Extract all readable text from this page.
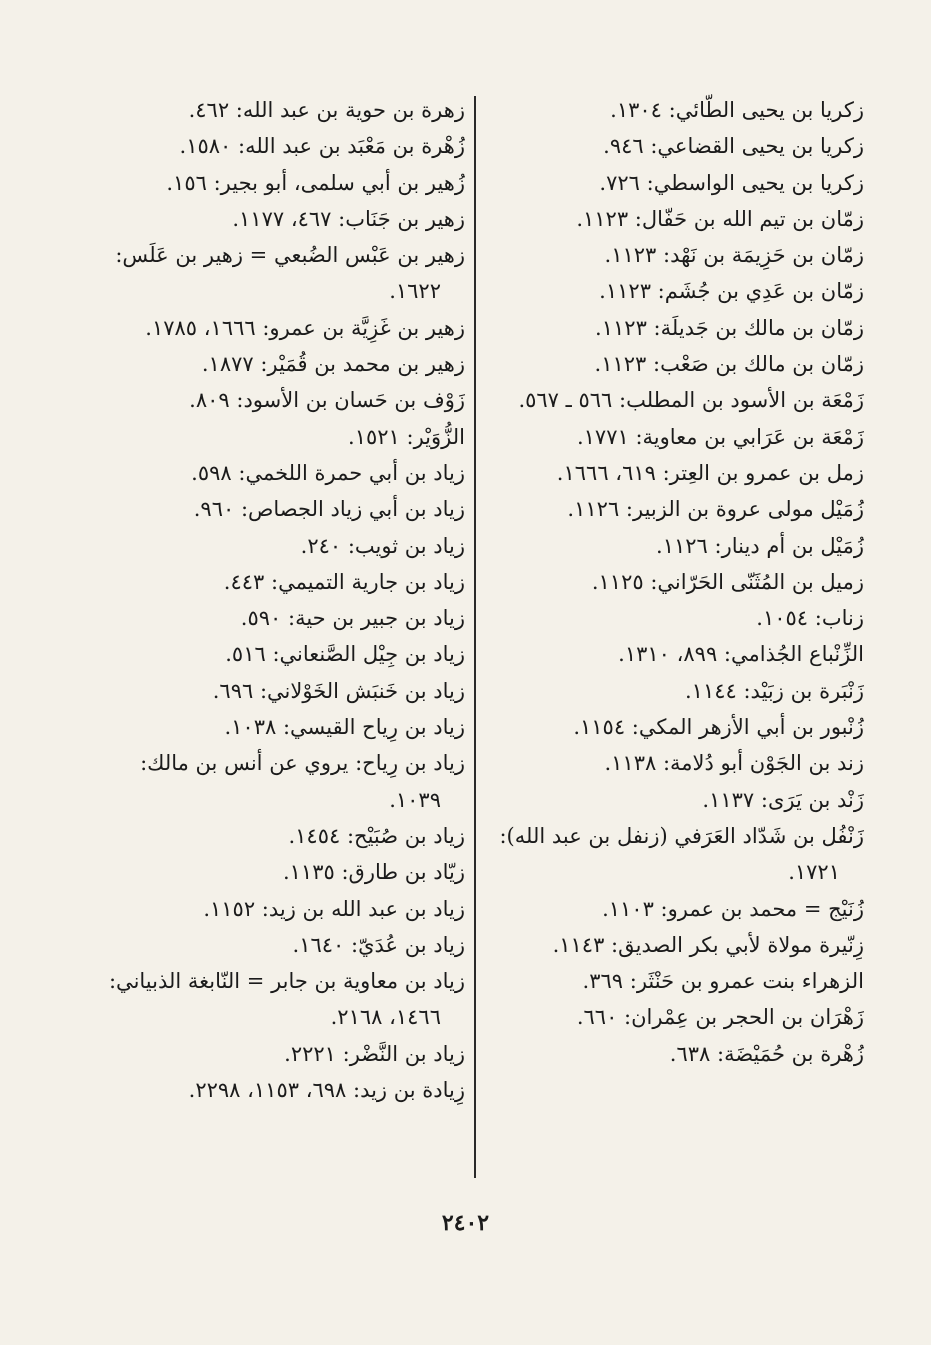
زكريا بن يحيى الطّائي: ١٣٠٤.
زكريا بن يحيى القضاعي: ٩٤٦.
زكريا بن يحيى الواسطي: ٧٢٦.
زمّان بن تيم الله بن حَفّال: ١١٢٣.
زمّان بن حَزِيمَة بن نَهْد: ١١٢٣.
زمّان بن عَدِي بن جُشَم: ١١٢٣.
زمّان بن مالك بن جَديلَة: ١١٢٣.
زمّان بن مالك بن صَعْب: ١١٢٣.
زَمْعَة بن الأسود بن المطلب: ٥٦٦ ـ ٥٦٧.
زَمْعَة بن عَرَابي بن معاوية: ١٧٧١.
زمل بن عمرو بن العِتر: ٦١٩، ١٦٦٦.
زُمَيْل مولى عروة بن الزبير: ١١٢٦.
زُمَيْل بن أم دينار: ١١٢٦.
زميل بن المُثَنّى الحَرّاني: ١١٢٥.
زناب: ١٠٥٤.
الزِّنْباع الجُذامي: ٨٩٩، ١٣١٠.
زَنْبَرة بن زبَيْد: ١١٤٤.
زُنْبور بن أبي الأزهر المكي: ١١٥٤.
زند بن الجَوْن أبو دُلامة: ١١٣٨.
زَنْد بن يَرَى: ١١٣٧.
زَنْفُل بن شَدّاد العَرَفي (زنفل بن عبد الله):
١٧٢١.
زُنَيْج = محمد بن عمرو: ١١٠٣.
زِنّيرة مولاة لأبي بكر الصديق: ١١٤٣.
الزهراء بنت عمرو بن حَنْثَر: ٣٦٩.
زَهْرَان بن الحجر بن عِمْران: ٦٦٠.
زُهْرة بن حُمَيْضَة: ٦٣٨.
زهرة بن حوية بن عبد الله: ٤٦٢.
زُهْرة بن مَعْبَد بن عبد الله: ١٥٨٠.
زُهير بن أبي سلمى، أبو بجير: ١٥٦.
زهير بن جَنَاب: ٤٦٧، ١١٧٧.
زهير بن عَبْس الضُبعي = زهير بن عَلَس:
١٦٢٢.
زهير بن غَزِيَّة بن عمرو: ١٦٦٦، ١٧٨٥.
زهير بن محمد بن قُمَيْر: ١٨٧٧.
زَوْف بن حَسان بن الأسود: ٨٠٩.
الزُّوَيْر: ١٥٢١.
زياد بن أبي حمرة اللخمي: ٥٩٨.
زياد بن أبي زياد الجصاص: ٩٦٠.
زياد بن ثويب: ٢٤٠.
زياد بن جارية التميمي: ٤٤٣.
زياد بن جبير بن حية: ٥٩٠.
زياد بن جِيْل الصَّنعاني: ٥١٦.
زياد بن خَنبَش الخَوْلاني: ٦٩٦.
زياد بن رِياح القيسي: ١٠٣٨.
زياد بن رِياح: يروي عن أنس بن مالك:
١٠٣٩.
زياد بن صُبَيْح: ١٤٥٤.
زيّاد بن طارق: ١١٣٥.
زياد بن عبد الله بن زيد: ١١٥٢.
زياد بن عُدَيّ: ١٦٤٠.
زياد بن معاوية بن جابر = النّابغة الذبياني:
١٤٦٦، ٢١٦٨.
زياد بن النَّضْر: ٢٢٢١.
زِيادة بن زيد: ٦٩٨، ١١٥٣، ٢٢٩٨.
٢٤٠٢
